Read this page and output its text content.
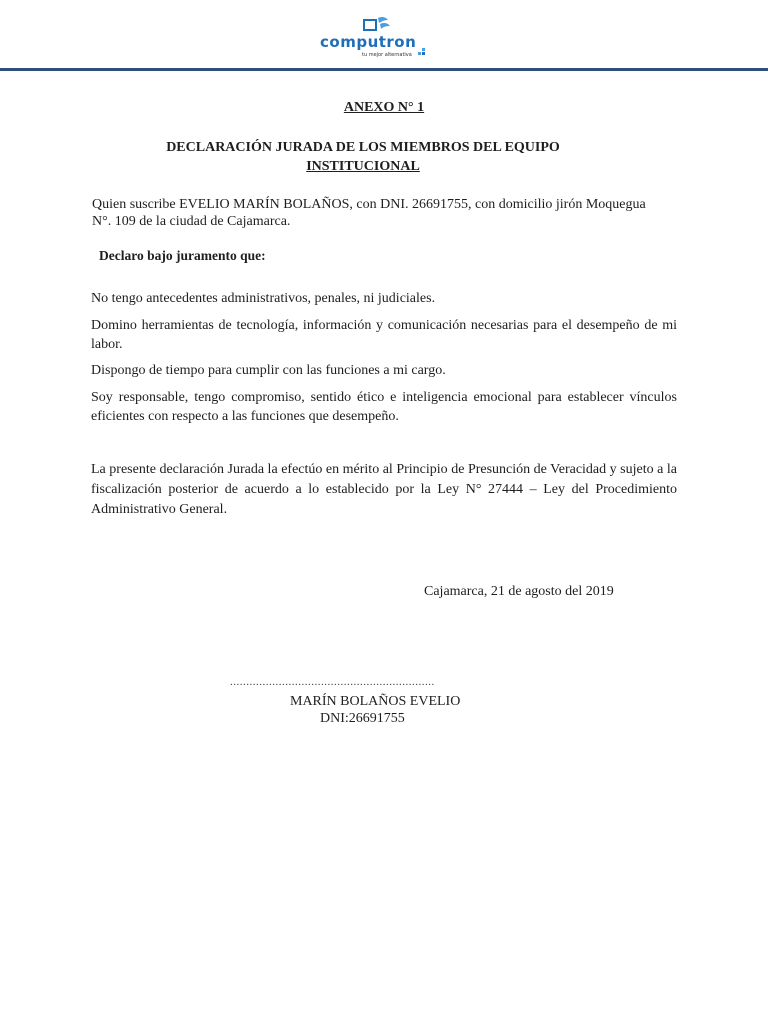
computron
tu mejor alternativa

ANEXO N° 1

DECLARACIÓN JURADA DE LOS MIEMBROS DEL EQUIPO
INSTITUCIONAL

Quien suscribe EVELIO MARÍN BOLAÑOS, con DNI. 26691755, con domicilio jirón Moquegua N°. 109 de la ciudad de Cajamarca.

Declaro bajo juramento que:

No tengo antecedentes administrativos, penales, ni judiciales.

Domino herramientas de tecnología, información y comunicación necesarias para el desempeño de mi labor.

Dispongo de tiempo para cumplir con las funciones a mi cargo.

Soy responsable, tengo compromiso, sentido ético e inteligencia emocional para establecer vínculos eficientes con respecto a las funciones que desempeño.

La presente declaración Jurada la efectúo en mérito al Principio de Presunción de Veracidad y sujeto a la fiscalización posterior de acuerdo a lo establecido por la Ley N° 27444 – Ley del Procedimiento Administrativo General.

Cajamarca, 21 de agosto del 2019

...............................................................

MARÍN BOLAÑOS EVELIO

DNI:26691755
